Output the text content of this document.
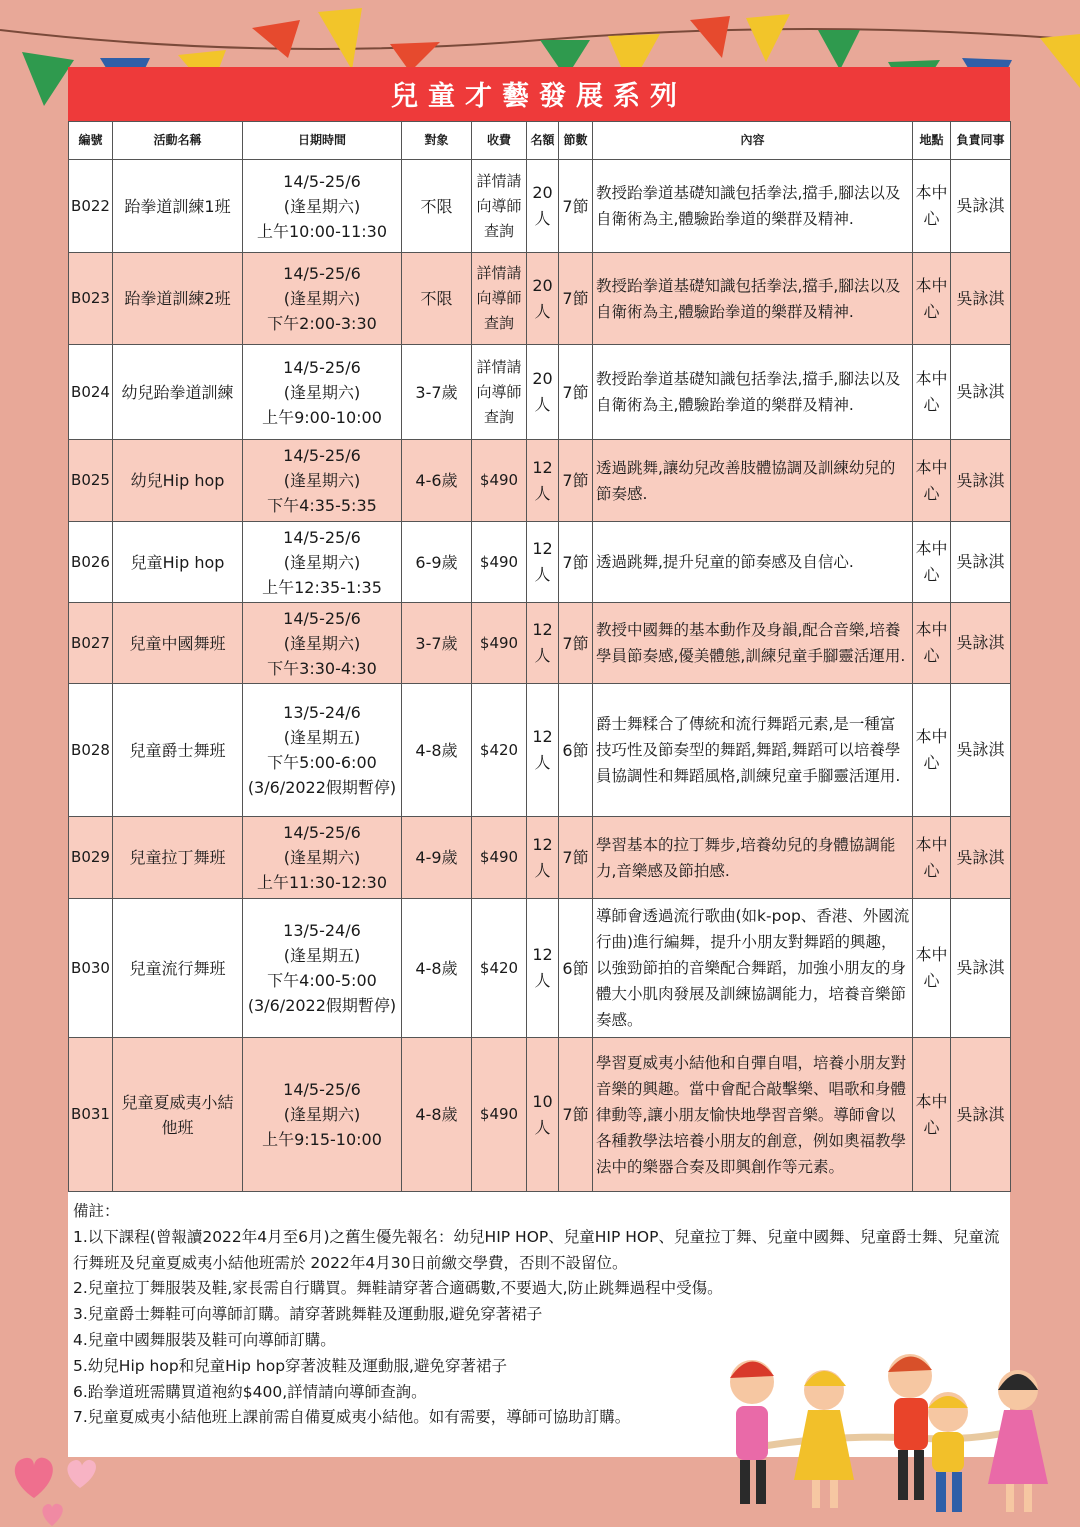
兒童才藝發展系列
編號	活動名稱	日期時間	對象	收費	名額	節數	內容	地點	負責同事

B022	跆拳道訓練1班	14/5-25/6
(逢星期六)
上午10:00-11:30	不限	詳情請向導師查詢	20人	7節	教授跆拳道基礎知識包括拳法,擋手,腳法以及自衛術為主,體驗跆拳道的樂群及精神.	本中心	吳詠淇

B023	跆拳道訓練2班	14/5-25/6
(逢星期六)
下午2:00-3:30	不限	詳情請向導師查詢	20人	7節	教授跆拳道基礎知識包括拳法,擋手,腳法以及自衛術為主,體驗跆拳道的樂群及精神.	本中心	吳詠淇

B024	幼兒跆拳道訓練	14/5-25/6
(逢星期六)
上午9:00-10:00	3-7歲	詳情請向導師查詢	20人	7節	教授跆拳道基礎知識包括拳法,擋手,腳法以及自衛術為主,體驗跆拳道的樂群及精神.	本中心	吳詠淇

B025	幼兒Hip hop	14/5-25/6
(逢星期六)
下午4:35-5:35	4-6歲	$490	12人	7節	透過跳舞,讓幼兒改善肢體協調及訓練幼兒的節奏感.	本中心	吳詠淇

B026	兒童Hip hop	14/5-25/6
(逢星期六)
上午12:35-1:35	6-9歲	$490	12人	7節	透過跳舞,提升兒童的節奏感及自信心.	本中心	吳詠淇

B027	兒童中國舞班	14/5-25/6
(逢星期六)
下午3:30-4:30	3-7歲	$490	12人	7節	教授中國舞的基本動作及身韻,配合音樂,培養學員節奏感,優美體態,訓練兒童手腳靈活運用.	本中心	吳詠淇

B028	兒童爵士舞班	13/5-24/6
(逢星期五)
下午5:00-6:00
(3/6/2022假期暫停)	4-8歲	$420	12人	6節	爵士舞糅合了傳統和流行舞蹈元素,是一種富技巧性及節奏型的舞蹈,舞蹈,舞蹈可以培養學員協調性和舞蹈風格,訓練兒童手腳靈活運用.	本中心	吳詠淇

B029	兒童拉丁舞班	14/5-25/6
(逢星期六)
上午11:30-12:30	4-9歲	$490	12人	7節	學習基本的拉丁舞步,培養幼兒的身體協調能力,音樂感及節拍感.	本中心	吳詠淇

B030	兒童流行舞班	13/5-24/6
(逢星期五)
下午4:00-5:00
(3/6/2022假期暫停)	4-8歲	$420	12人	6節	導師會透過流行歌曲(如k-pop、香港、外國流行曲)進行編舞，提升小朋友對舞蹈的興趣，以強勁節拍的音樂配合舞蹈，加強小朋友的身體大小肌肉發展及訓練協調能力，培養音樂節奏感。	本中心	吳詠淇

B031	兒童夏威夷小結他班	14/5-25/6
(逢星期六)
上午9:15-10:00	4-8歲	$490	10人	7節	學習夏威夷小結他和自彈自唱，培養小朋友對音樂的興趣。當中會配合敲擊樂、唱歌和身體律動等,讓小朋友愉快地學習音樂。導師會以各種教學法培養小朋友的創意，例如奧福教學法中的樂器合奏及即興創作等元素。	本中心	吳詠淇
備註：
1.以下課程(曾報讀2022年4月至6月)之舊生優先報名：幼兒HIP HOP、兒童HIP HOP、兒童拉丁舞、兒童中國舞、兒童爵士舞、兒童流行舞班及兒童夏威夷小結他班需於 2022年4月30日前繳交學費，否則不設留位。
2.兒童拉丁舞服裝及鞋,家長需自行購買。舞鞋請穿著合適碼數,不要過大,防止跳舞過程中受傷。
3.兒童爵士舞鞋可向導師訂購。請穿著跳舞鞋及運動服,避免穿著裙子
4.兒童中國舞服裝及鞋可向導師訂購。
5.幼兒Hip hop和兒童Hip hop穿著波鞋及運動服,避免穿著裙子
6.跆拳道班需購買道袍約$400,詳情請向導師查詢。
7.兒童夏威夷小結他班上課前需自備夏威夷小結他。如有需要，導師可協助訂購。
